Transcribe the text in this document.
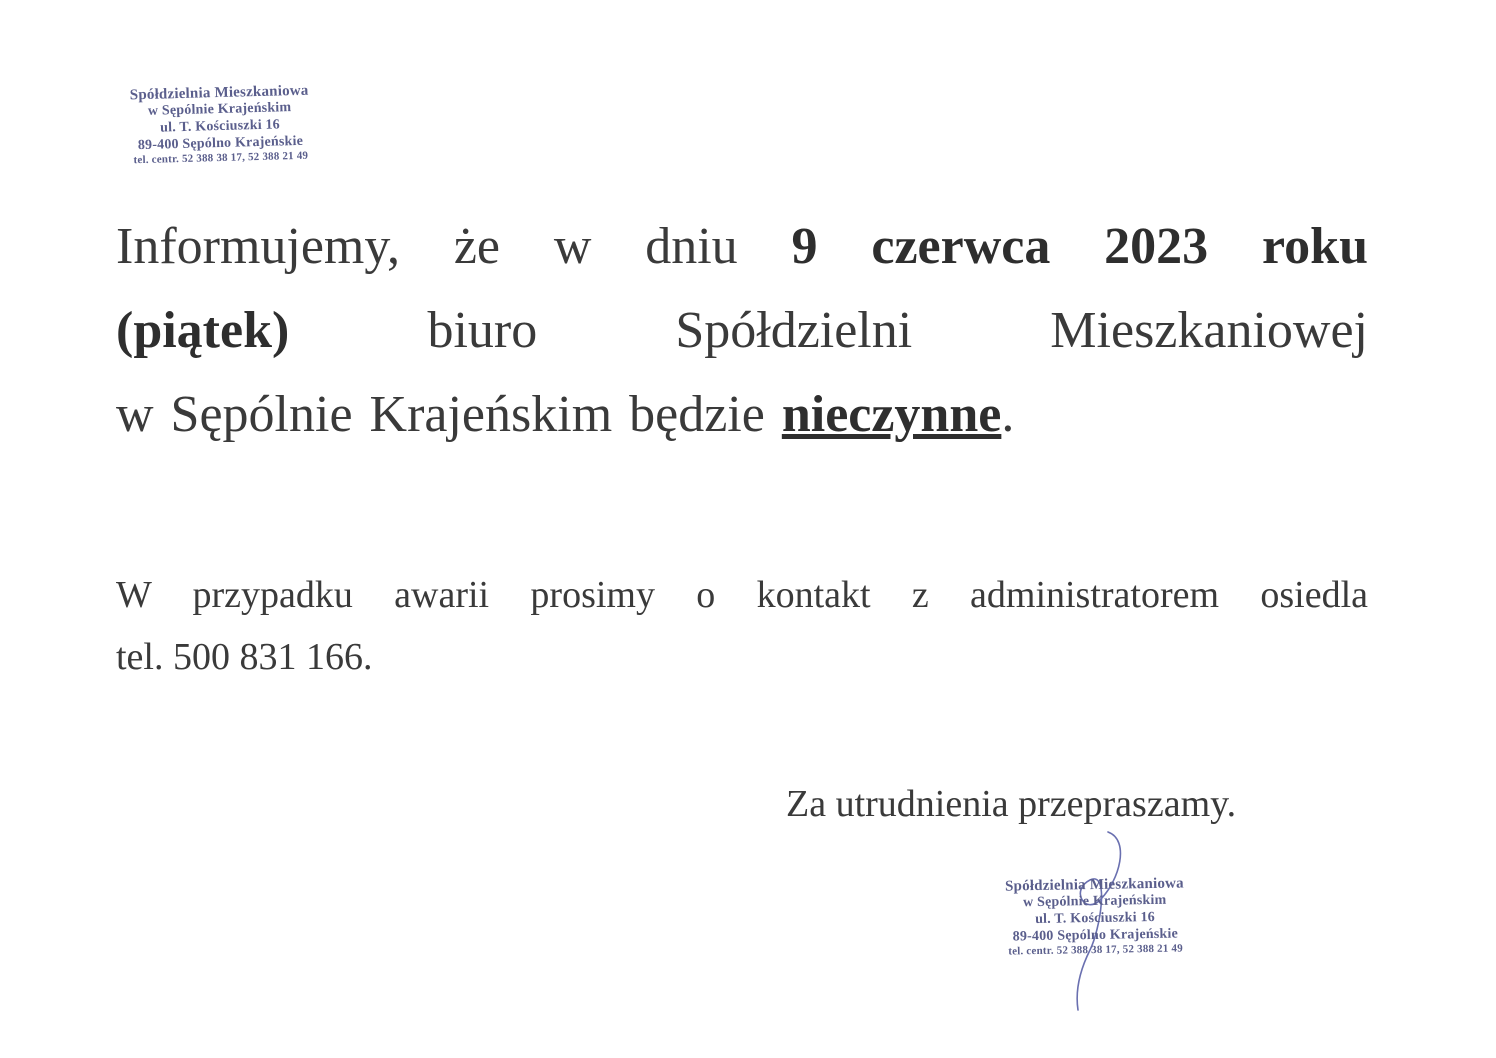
Spółdzielnia Mieszkaniowa
w Sępólnie Krajeńskim
ul. T. Kościuszki 16
89-400 Sępólno Krajeńskie
tel. centr. 52 388 38 17, 52 388 21 49
Informujemy, że w dniu 9 czerwca 2023 roku
(piątek) biuro Spółdzielni Mieszkaniowej
w Sępólnie Krajeńskim będzie nieczynne.
W przypadku awarii prosimy o kontakt z administratorem osiedla
tel. 500 831 166.
Za utrudnienia przepraszamy.
Spółdzielnia Mieszkaniowa
w Sępólnie Krajeńskim
ul. T. Kościuszki 16
89-400 Sępólno Krajeńskie
tel. centr. 52 388 38 17, 52 388 21 49
